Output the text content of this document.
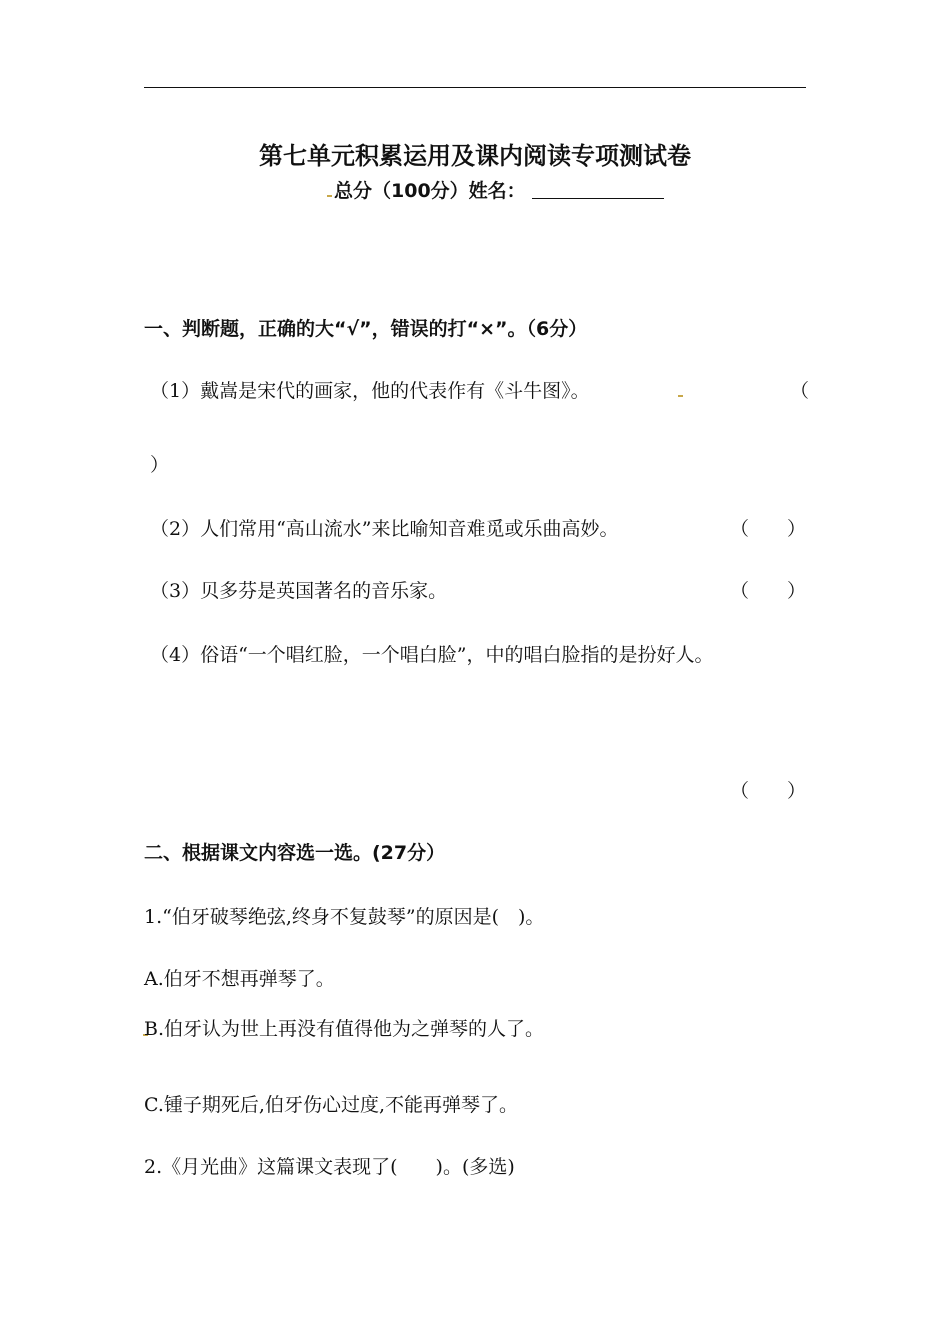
第七单元积累运用及课内阅读专项测试卷
总分（100分）姓名：
一、判断题，正确的大“√”，错误的打“×”。（6分）
（1）戴嵩是宋代的画家，他的代表作有《斗牛图》。	（
）
（2）人们常用“高山流水”来比喻知音难觅或乐曲高妙。	（　　）
（3）贝多芬是英国著名的音乐家。	（　　）
（4）俗语“一个唱红脸，一个唱白脸”，中的唱白脸指的是扮好人。
（　　）
二、根据课文内容选一选。(27分）
1.“伯牙破琴绝弦,终身不复鼓琴”的原因是(　)。
A.伯牙不想再弹琴了。
B.伯牙认为世上再没有值得他为之弹琴的人了。
C.锺子期死后,伯牙伤心过度,不能再弹琴了。
2.《月光曲》这篇课文表现了(　　)。(多选)
